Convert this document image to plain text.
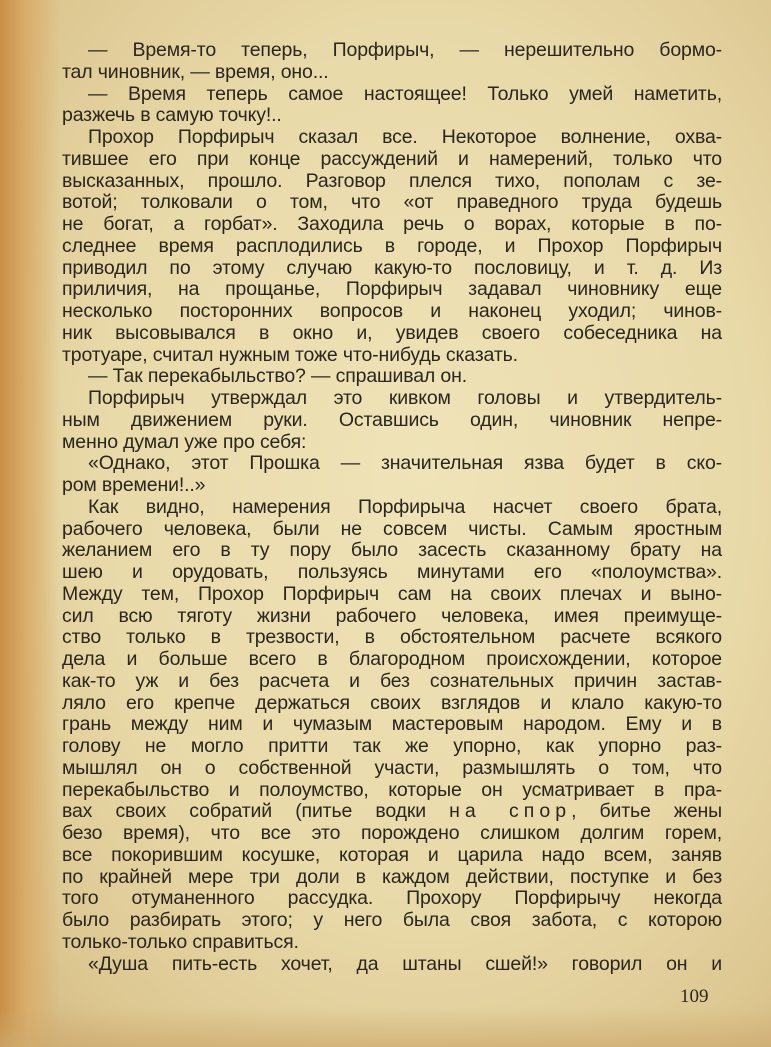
— Время-то теперь, Порфирыч, — нерешительно бормо-
тал чиновник, — время, оно...
— Время теперь самое настоящее! Только умей наметить,
разжечь в самую точку!..
Прохор Порфирыч сказал все. Некоторое волнение, охва-
тившее его при конце рассуждений и намерений, только что
высказанных, прошло. Разговор плелся тихо, пополам с зе-
вотой; толковали о том, что «от праведного труда будешь
не богат, а горбат». Заходила речь о ворах, которые в по-
следнее время расплодились в городе, и Прохор Порфирыч
приводил по этому случаю какую-то пословицу, и т. д. Из
приличия, на прощанье, Порфирыч задавал чиновнику еще
несколько посторонних вопросов и наконец уходил; чинов-
ник высовывался в окно и, увидев своего собеседника на
тротуаре, считал нужным тоже что-нибудь сказать.
— Так перекабыльство? — спрашивал он.
Порфирыч утверждал это кивком головы и утвердитель-
ным движением руки. Оставшись один, чиновник непре-
менно думал уже про себя:
«Однако, этот Прошка — значительная язва будет в ско-
ром времени!..»
Как видно, намерения Порфирыча насчет своего брата,
рабочего человека, были не совсем чисты. Самым яростным
желанием его в ту пору было засесть сказанному брату на
шею и орудовать, пользуясь минутами его «полоумства».
Между тем, Прохор Порфирыч сам на своих плечах и выно-
сил всю тяготу жизни рабочего человека, имея преимуще-
ство только в трезвости, в обстоятельном расчете всякого
дела и больше всего в благородном происхождении, которое
как-то уж и без расчета и без сознательных причин застав-
ляло его крепче держаться своих взглядов и клало какую-то
грань между ним и чумазым мастеровым народом. Ему и в
голову не могло притти так же упорно, как упорно раз-
мышлял он о собственной участи, размышлять о том, что
перекабыльство и полоумство, которые он усматривает в пра-
вах своих собратий (питье водки на спор, битье жены
безо время), что все это порождено слишком долгим горем,
все покорившим косушке, которая и царила надо всем, заняв
по крайней мере три доли в каждом действии, поступке и без
того отуманенного рассудка. Прохору Порфирычу некогда
было разбирать этого; у него была своя забота, с которою
только-только справиться.
«Душа пить-есть хочет, да штаны сшей!» говорил он и
109
